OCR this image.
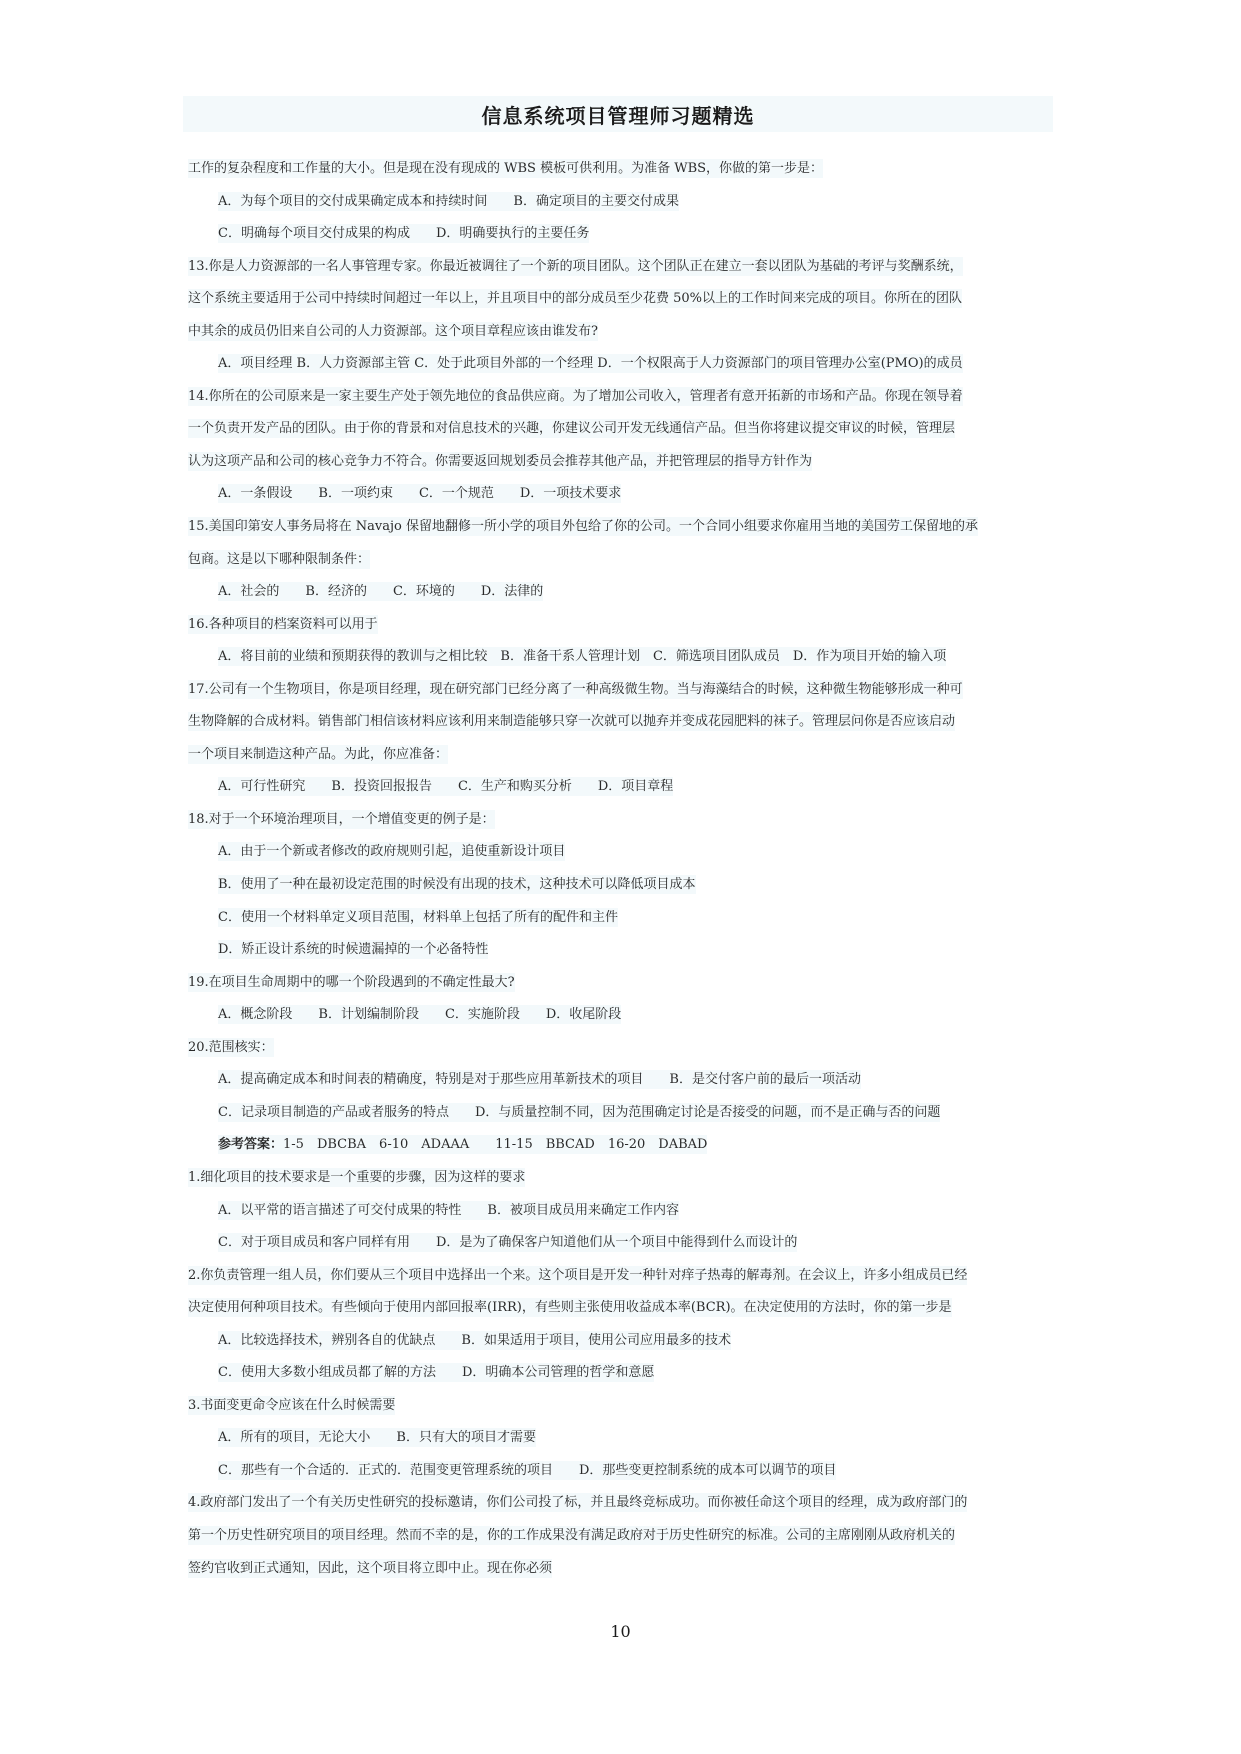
信息系统项目管理师习题精选
工作的复杂程度和工作量的大小。但是现在没有现成的 WBS 模板可供利用。为准备 WBS，你做的第一步是：
A．为每个项目的交付成果确定成本和持续时间　　B．确定项目的主要交付成果
C．明确每个项目交付成果的构成　　D．明确要执行的主要任务
13.你是人力资源部的一名人事管理专家。你最近被调往了一个新的项目团队。这个团队正在建立一套以团队为基础的考评与奖酬系统，
这个系统主要适用于公司中持续时间超过一年以上，并且项目中的部分成员至少花费 50%以上的工作时间来完成的项目。你所在的团队
中其余的成员仍旧来自公司的人力资源部。这个项目章程应该由谁发布?
A．项目经理 B．人力资源部主管 C．处于此项目外部的一个经理 D．一个权限高于人力资源部门的项目管理办公室(PMO)的成员
14.你所在的公司原来是一家主要生产处于领先地位的食品供应商。为了增加公司收入，管理者有意开拓新的市场和产品。你现在领导着
一个负责开发产品的团队。由于你的背景和对信息技术的兴趣，你建议公司开发无线通信产品。但当你将建议提交审议的时候，管理层
认为这项产品和公司的核心竞争力不符合。你需要返回规划委员会推荐其他产品，并把管理层的指导方针作为
A．一条假设　　B．一项约束　　C．一个规范　　D．一项技术要求
15.美国印第安人事务局将在 Navajo 保留地翻修一所小学的项目外包给了你的公司。一个合同小组要求你雇用当地的美国劳工保留地的承
包商。这是以下哪种限制条件：
A．社会的　　B．经济的　　C．环境的　　D．法律的
16.各种项目的档案资料可以用于
A．将目前的业绩和预期获得的教训与之相比较　B．准备干系人管理计划　C．筛选项目团队成员　D．作为项目开始的输入项
17.公司有一个生物项目，你是项目经理，现在研究部门已经分离了一种高级微生物。当与海藻结合的时候，这种微生物能够形成一种可
生物降解的合成材料。销售部门相信该材料应该利用来制造能够只穿一次就可以抛弃并变成花园肥料的袜子。管理层问你是否应该启动
一个项目来制造这种产品。为此，你应准备：
A．可行性研究　　B．投资回报报告　　C．生产和购买分析　　D．项目章程
18.对于一个环境治理项目，一个增值变更的例子是：
A．由于一个新或者修改的政府规则引起，追使重新设计项目
B．使用了一种在最初设定范围的时候没有出现的技术，这种技术可以降低项目成本
C．使用一个材料单定义项目范围，材料单上包括了所有的配件和主件
D．矫正设计系统的时候遗漏掉的一个必备特性
19.在项目生命周期中的哪一个阶段遇到的不确定性最大?
A．概念阶段　　B．计划编制阶段　　C．实施阶段　　D．收尾阶段
20.范围核实：
A．提高确定成本和时间表的精确度，特别是对于那些应用革新技术的项目　　B．是交付客户前的最后一项活动
C．记录项目制造的产品或者服务的特点　　D．与质量控制不同，因为范围确定讨论是否接受的问题，而不是正确与否的问题
参考答案：1-5　DBCBA　6-10　ADAAA　　11-15　BBCAD　16-20　DABAD
1.细化项目的技术要求是一个重要的步骤，因为这样的要求
A．以平常的语言描述了可交付成果的特性　　B．被项目成员用来确定工作内容
C．对于项目成员和客户同样有用　　D．是为了确保客户知道他们从一个项目中能得到什么而设计的
2.你负责管理一组人员，你们要从三个项目中选择出一个来。这个项目是开发一种针对痒子热毒的解毒剂。在会议上，许多小组成员已经
决定使用何种项目技术。有些倾向于使用内部回报率(IRR)，有些则主张使用收益成本率(BCR)。在决定使用的方法时，你的第一步是
A．比较选择技术，辨别各自的优缺点　　B．如果适用于项目，使用公司应用最多的技术
C．使用大多数小组成员都了解的方法　　D．明确本公司管理的哲学和意愿
3.书面变更命令应该在什么时候需要
A．所有的项目，无论大小　　B．只有大的项目才需要
C．那些有一个合适的．正式的．范围变更管理系统的项目　　D．那些变更控制系统的成本可以调节的项目
4.政府部门发出了一个有关历史性研究的投标邀请，你们公司投了标，并且最终竞标成功。而你被任命这个项目的经理，成为政府部门的
第一个历史性研究项目的项目经理。然而不幸的是，你的工作成果没有满足政府对于历史性研究的标准。公司的主席刚刚从政府机关的
签约官收到正式通知，因此，这个项目将立即中止。现在你必须
10
